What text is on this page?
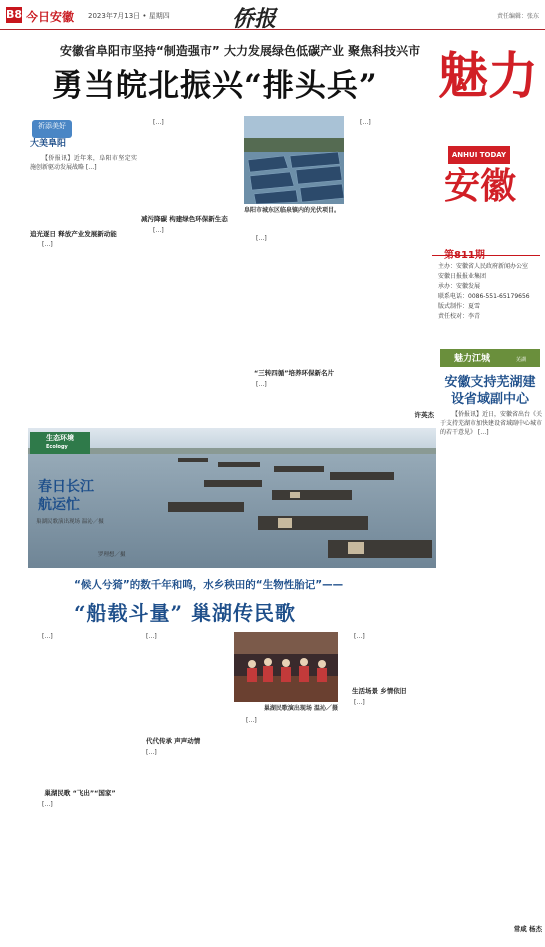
B8 今日安徽 2023年7月13日 • 星期四	侨报	责任编辑：张东
安徽省阜阳市坚持“制造强市” 大力发展绿色低碳产业 聚焦科技兴市
勇当皖北振兴“排头兵”
祈添美好
大美阜阳

【侨报讯】近年来，阜阳市坚定实施创新驱动发展战略 […]

追光逐日 释放产业发展新动能

[…]

[…]

减污降碳 构建绿色环保新生态

[…]

阜阳市城东区临泉镇内的光伏项目。

[…]

“三转四循”培养环保新名片

[…]

[…]

许英杰
魅力
ANHUI TODAY
安徽
第811期
主办：安徽省人民政府新闻办公室
安徽日报报业集团
承办：安徽发展
联系电话：0086-551-65179656
版式制作：夏雪
责任校对：李青
魅力江城	芜湖
安徽支持芜湖建设省域副中心

【侨报讯】近日，安徽省出台《关于支持芜湖市加快建设省域副中心城市的若干意见》 […]

常咸 杨杰
生态环境
Ecology
春日长江航运忙
巢湖民歌演出现场 温沁／摄
罗理想／摄
“候人兮猗”的数千年和鸣，水乡秧田的“生物性胎记”——
“船载斗量” 巢湖传民歌

[…]

巢湖民歌 “飞出”“国家”

[…]

[…]

代代传承 声声动情

[…]

巢湖民歌演出现场 温沁／摄

[…]

[…]

生活场景 乡情依旧

[…]
